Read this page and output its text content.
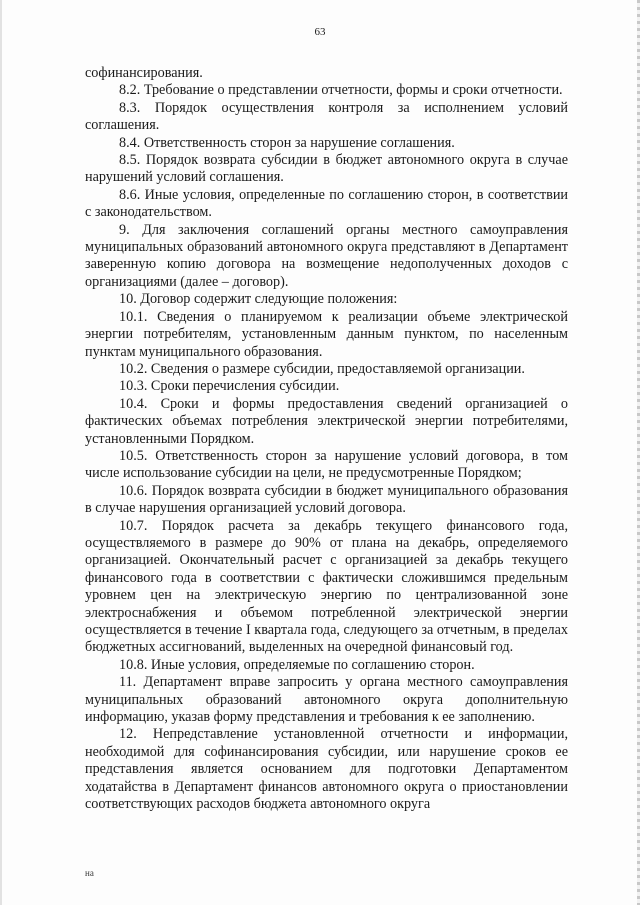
63

софинансирования.

8.2. Требование о представлении отчетности, формы и сроки отчетности.

8.3. Порядок осуществления контроля за исполнением условий соглашения.

8.4. Ответственность сторон за нарушение соглашения.

8.5. Порядок возврата субсидии в бюджет автономного округа в случае нарушений условий соглашения.

8.6. Иные условия, определенные по соглашению сторон, в соответствии с законодательством.

9. Для заключения соглашений органы местного самоуправления муниципальных образований автономного округа представляют в Департамент заверенную копию договора на возмещение недополученных доходов с организациями (далее – договор).

10. Договор содержит следующие положения:

10.1. Сведения о планируемом к реализации объеме электрической энергии потребителям, установленным данным пунктом, по населенным пунктам муниципального образования.

10.2. Сведения о размере субсидии, предоставляемой организации.

10.3. Сроки перечисления субсидии.

10.4. Сроки и формы предоставления сведений организацией о фактических объемах потребления электрической энергии потребителями, установленными Порядком.

10.5. Ответственность сторон за нарушение условий договора, в том числе использование субсидии на цели, не предусмотренные Порядком;

10.6. Порядок возврата субсидии в бюджет муниципального образования в случае нарушения организацией условий договора.

10.7. Порядок расчета за декабрь текущего финансового года, осуществляемого в размере до 90% от плана на декабрь, определяемого организацией. Окончательный расчет с организацией за декабрь текущего финансового года в соответствии с фактически сложившимся предельным уровнем цен на электрическую энергию по централизованной зоне электроснабжения и объемом потребленной электрической энергии осуществляется в течение I квартала года, следующего за отчетным, в пределах бюджетных ассигнований, выделенных на очередной финансовый год.

10.8. Иные условия, определяемые по соглашению сторон.

11. Департамент вправе запросить у органа местного самоуправления муниципальных образований автономного округа дополнительную информацию, указав форму представления и требования к ее заполнению.

12. Непредставление установленной отчетности и информации, необходимой для софинансирования субсидии, или нарушение сроков ее представления является основанием для подготовки Департаментом ходатайства в Департамент финансов автономного округа о приостановлении соответствующих расходов бюджета автономного округа

на
